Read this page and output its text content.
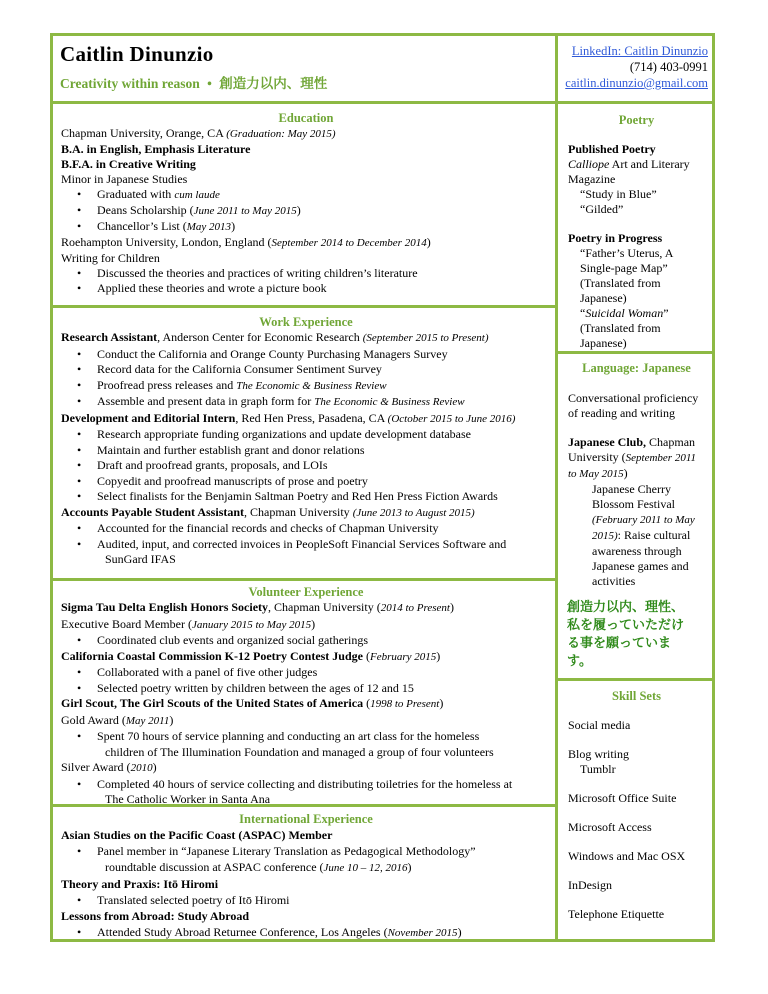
Caitlin Dinunzio
Creativity within reason • 創造力以内、理性
LinkedIn: Caitlin Dinunzio
(714) 403-0991
caitlin.dinunzio@gmail.com
Education
Chapman University, Orange, CA (Graduation: May 2015)
B.A. in English, Emphasis Literature
B.F.A. in Creative Writing
Minor in Japanese Studies
• Graduated with cum laude
• Deans Scholarship (June 2011 to May 2015)
• Chancellor’s List (May 2013)
Roehampton University, London, England (September 2014 to December 2014)
Writing for Children
• Discussed the theories and practices of writing children’s literature
• Applied these theories and wrote a picture book
Work Experience
Research Assistant, Anderson Center for Economic Research (September 2015 to Present)
• Conduct the California and Orange County Purchasing Managers Survey
• Record data for the California Consumer Sentiment Survey
• Proofread press releases and The Economic & Business Review
• Assemble and present data in graph form for The Economic & Business Review
Development and Editorial Intern, Red Hen Press, Pasadena, CA (October 2015 to June 2016)
• Research appropriate funding organizations and update development database
• Maintain and further establish grant and donor relations
• Draft and proofread grants, proposals, and LOIs
• Copyedit and proofread manuscripts of prose and poetry
• Select finalists for the Benjamin Saltman Poetry and Red Hen Press Fiction Awards
Accounts Payable Student Assistant, Chapman University (June 2013 to August 2015)
• Accounted for the financial records and checks of Chapman University
• Audited, input, and corrected invoices in PeopleSoft Financial Services Software and
SunGard IFAS
Volunteer Experience
Sigma Tau Delta English Honors Society, Chapman University (2014 to Present)
Executive Board Member (January 2015 to May 2015)
• Coordinated club events and organized social gatherings
California Coastal Commission K-12 Poetry Contest Judge (February 2015)
• Collaborated with a panel of five other judges
• Selected poetry written by children between the ages of 12 and 15
Girl Scout, The Girl Scouts of the United States of America (1998 to Present)
Gold Award (May 2011)
• Spent 70 hours of service planning and conducting an art class for the homeless
children of The Illumination Foundation and managed a group of four volunteers
Silver Award (2010)
• Completed 40 hours of service collecting and distributing toiletries for the homeless at
The Catholic Worker in Santa Ana
International Experience
Asian Studies on the Pacific Coast (ASPAC) Member
• Panel member in “Japanese Literary Translation as Pedagogical Methodology”
roundtable discussion at ASPAC conference (June 10 – 12, 2016)
Theory and Praxis: Itō Hiromi
• Translated selected poetry of Itō Hiromi
Lessons from Abroad: Study Abroad
• Attended Study Abroad Returnee Conference, Los Angeles (November 2015)
Poetry
Published Poetry
Calliope Art and Literary
Magazine
“Study in Blue”
“Gilded”
Poetry in Progress
“Father’s Uterus, A
Single-page Map”
(Translated from
Japanese)
“Suicidal Woman”
(Translated from
Japanese)
Language: Japanese
Conversational proficiency
of reading and writing
Japanese Club, Chapman
University (September 2011
to May 2015)
Japanese Cherry
Blossom Festival
(February 2011 to May
2015): Raise cultural
awareness through
Japanese games and
activities
創造力以内、理性、
私を履っていただけ
る事を願っていま
す。
Skill Sets
Social media
Blog writing
Tumblr
Microsoft Office Suite
Microsoft Access
Windows and Mac OSX
InDesign
Telephone Etiquette
